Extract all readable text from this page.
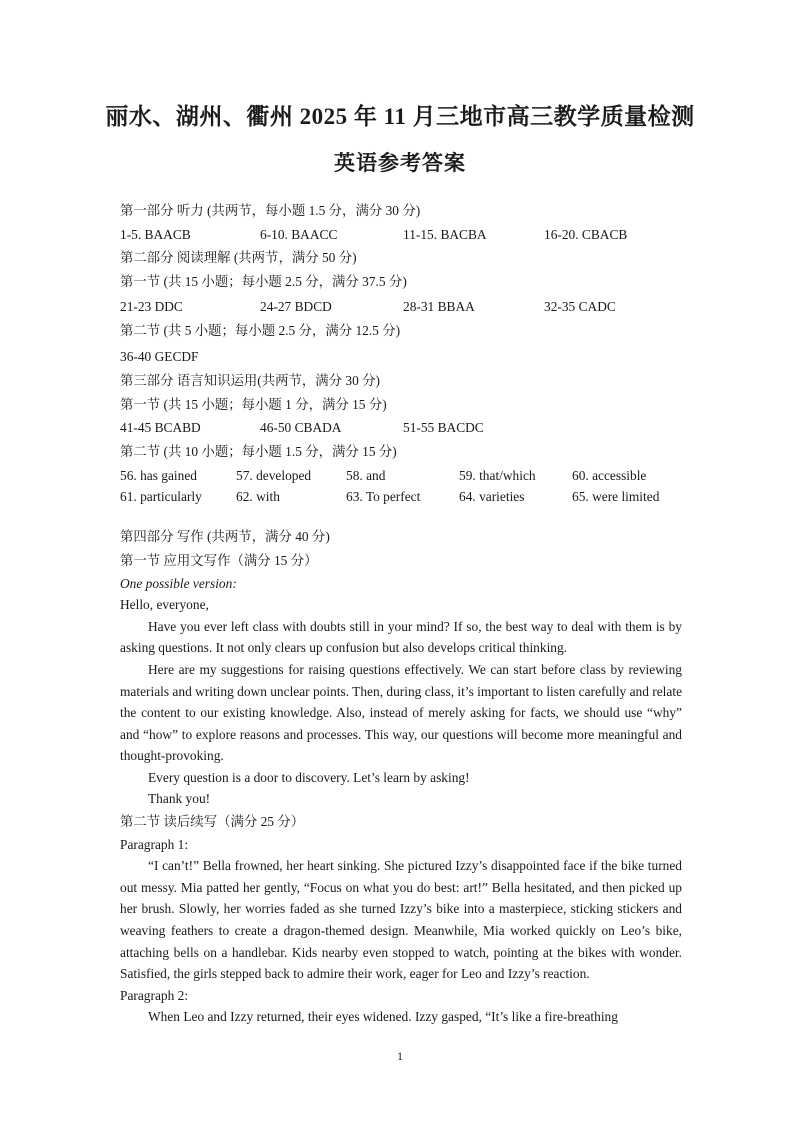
丽水、湖州、衢州 2025 年 11 月三地市高三教学质量检测
英语参考答案
第一部分 听力 (共两节，每小题 1.5 分，满分 30 分)
1-5. BAACB	6-10. BAACC	11-15. BACBA	16-20. CBACB
第二部分 阅读理解 (共两节，满分 50 分)
第一节 (共 15 小题；每小题 2.5 分，满分 37.5 分)
21-23 DDC	24-27 BDCD	28-31 BBAA	32-35 CADC
第二节 (共 5 小题；每小题 2.5 分，满分 12.5 分)
36-40 GECDF
第三部分 语言知识运用(共两节，满分 30 分)
第一节 (共 15 小题；每小题 1 分，满分 15 分)
41-45 BCABD	46-50 CBADA	51-55 BACDC
第二节 (共 10 小题；每小题 1.5 分，满分 15 分)
56. has gained	57. developed	58. and	59. that/which	60. accessible
61. particularly	62. with	63. To perfect	64. varieties	65. were limited
第四部分 写作 (共两节，满分 40 分)
第一节 应用文写作（满分 15 分）

One possible version:

Hello, everyone,

Have you ever left class with doubts still in your mind? If so, the best way to deal with them is by asking questions. It not only clears up confusion but also develops critical thinking.

Here are my suggestions for raising questions effectively. We can start before class by reviewing materials and writing down unclear points. Then, during class, it’s important to listen carefully and relate the content to our existing knowledge. Also, instead of merely asking for facts, we should use “why” and “how” to explore reasons and processes. This way, our questions will become more meaningful and thought-provoking.

Every question is a door to discovery. Let’s learn by asking!

Thank you!

第二节 读后续写（满分 25 分）

Paragraph 1:

“I can’t!” Bella frowned, her heart sinking. She pictured Izzy’s disappointed face if the bike turned out messy. Mia patted her gently, “Focus on what you do best: art!” Bella hesitated, and then picked up her brush. Slowly, her worries faded as she turned Izzy’s bike into a masterpiece, sticking stickers and weaving feathers to create a dragon-themed design. Meanwhile, Mia worked quickly on Leo’s bike, attaching bells on a handlebar. Kids nearby even stopped to watch, pointing at the bikes with wonder. Satisfied, the girls stepped back to admire their work, eager for Leo and Izzy’s reaction.

Paragraph 2:

When Leo and Izzy returned, their eyes widened. Izzy gasped, “It’s like a fire-breathing

1
